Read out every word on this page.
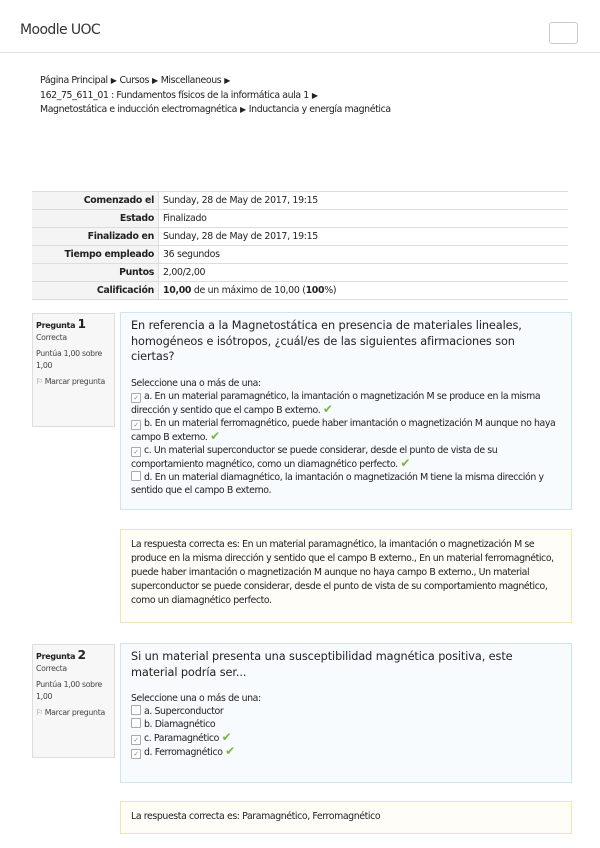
Moodle UOC
Página Principal ▶ Cursos ▶ Miscellaneous ▶
162_75_611_01 : Fundamentos físicos de la informática aula 1 ▶
Magnetostática e inducción electromagnética ▶ Inductancia y energía magnética
Comenzado el	Sunday, 28 de May de 2017, 19:15
Estado	Finalizado
Finalizado en	Sunday, 28 de May de 2017, 19:15
Tiempo empleado	36 segundos
Puntos	2,00/2,00
Calificación	10,00 de un máximo de 10,00 (100%)
Pregunta 1
Correcta
Puntúa 1,00 sobre 1,00
⚐ Marcar pregunta
En referencia a la Magnetostática en presencia de materiales lineales, homogéneos e isótropos, ¿cuál/es de las siguientes afirmaciones son ciertas?
Seleccione una o más de una:
✓ a. En un material paramagnético, la imantación o magnetización M se produce en la misma dirección y sentido que el campo B externo. ✔
✓ b. En un material ferromagnético, puede haber imantación o magnetización M aunque no haya campo B externo. ✔
✓ c. Un material superconductor se puede considerar, desde el punto de vista de su comportamiento magnético, como un diamagnético perfecto. ✔
d. En un material diamagnético, la imantación o magnetización M tiene la misma dirección y sentido que el campo B externo.
La respuesta correcta es: En un material paramagnético, la imantación o magnetización M se produce en la misma dirección y sentido que el campo B externo., En un material ferromagnético, puede haber imantación o magnetización M aunque no haya campo B externo., Un material superconductor se puede considerar, desde el punto de vista de su comportamiento magnético, como un diamagnético perfecto.
Pregunta 2
Correcta
Puntúa 1,00 sobre 1,00
⚐ Marcar pregunta
Si un material presenta una susceptibilidad magnética positiva, este material podría ser...
Seleccione una o más de una:
a. Superconductor
b. Diamagnético
✓ c. Paramagnético ✔
✓ d. Ferromagnético ✔
La respuesta correcta es: Paramagnético, Ferromagnético
